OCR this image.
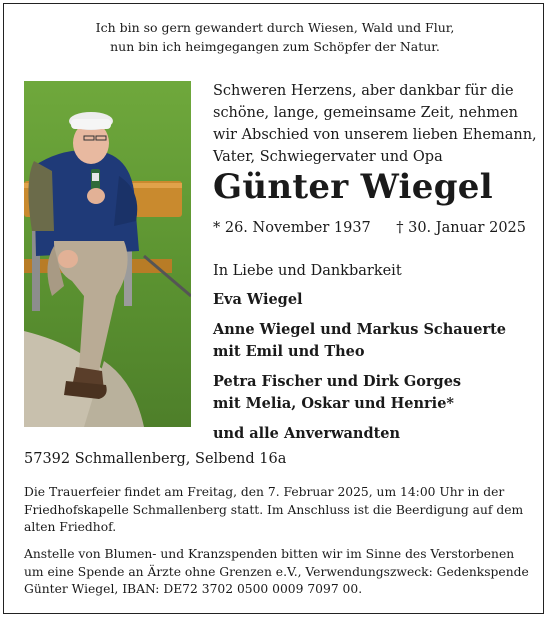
Ich bin so gern gewandert durch Wiesen, Wald und Flur,
nun bin ich heimgegangen zum Schöpfer der Natur.
Schweren Herzens, aber dankbar für die
schöne, lange, gemeinsame Zeit, nehmen
wir Abschied von unserem lieben Ehemann,
Vater, Schwiegervater und Opa
Günter Wiegel
* 26. November 1937 † 30. Januar 2025
In Liebe und Dankbarkeit
Eva Wiegel
Anne Wiegel und Markus Schauerte
mit Emil und Theo
Petra Fischer und Dirk Gorges
mit Melia, Oskar und Henrie*
und alle Anverwandten
57392 Schmallenberg, Selbend 16a
Die Trauerfeier findet am Freitag, den 7. Februar 2025, um 14:00 Uhr in der
Friedhofskapelle Schmallenberg statt. Im Anschluss ist die Beerdigung auf dem
alten Friedhof.
Anstelle von Blumen- und Kranzspenden bitten wir im Sinne des Verstorbenen
um eine Spende an Ärzte ohne Grenzen e.V., Verwendungszweck: Gedenkspende
Günter Wiegel, IBAN: DE72 3702 0500 0009 7097 00.
